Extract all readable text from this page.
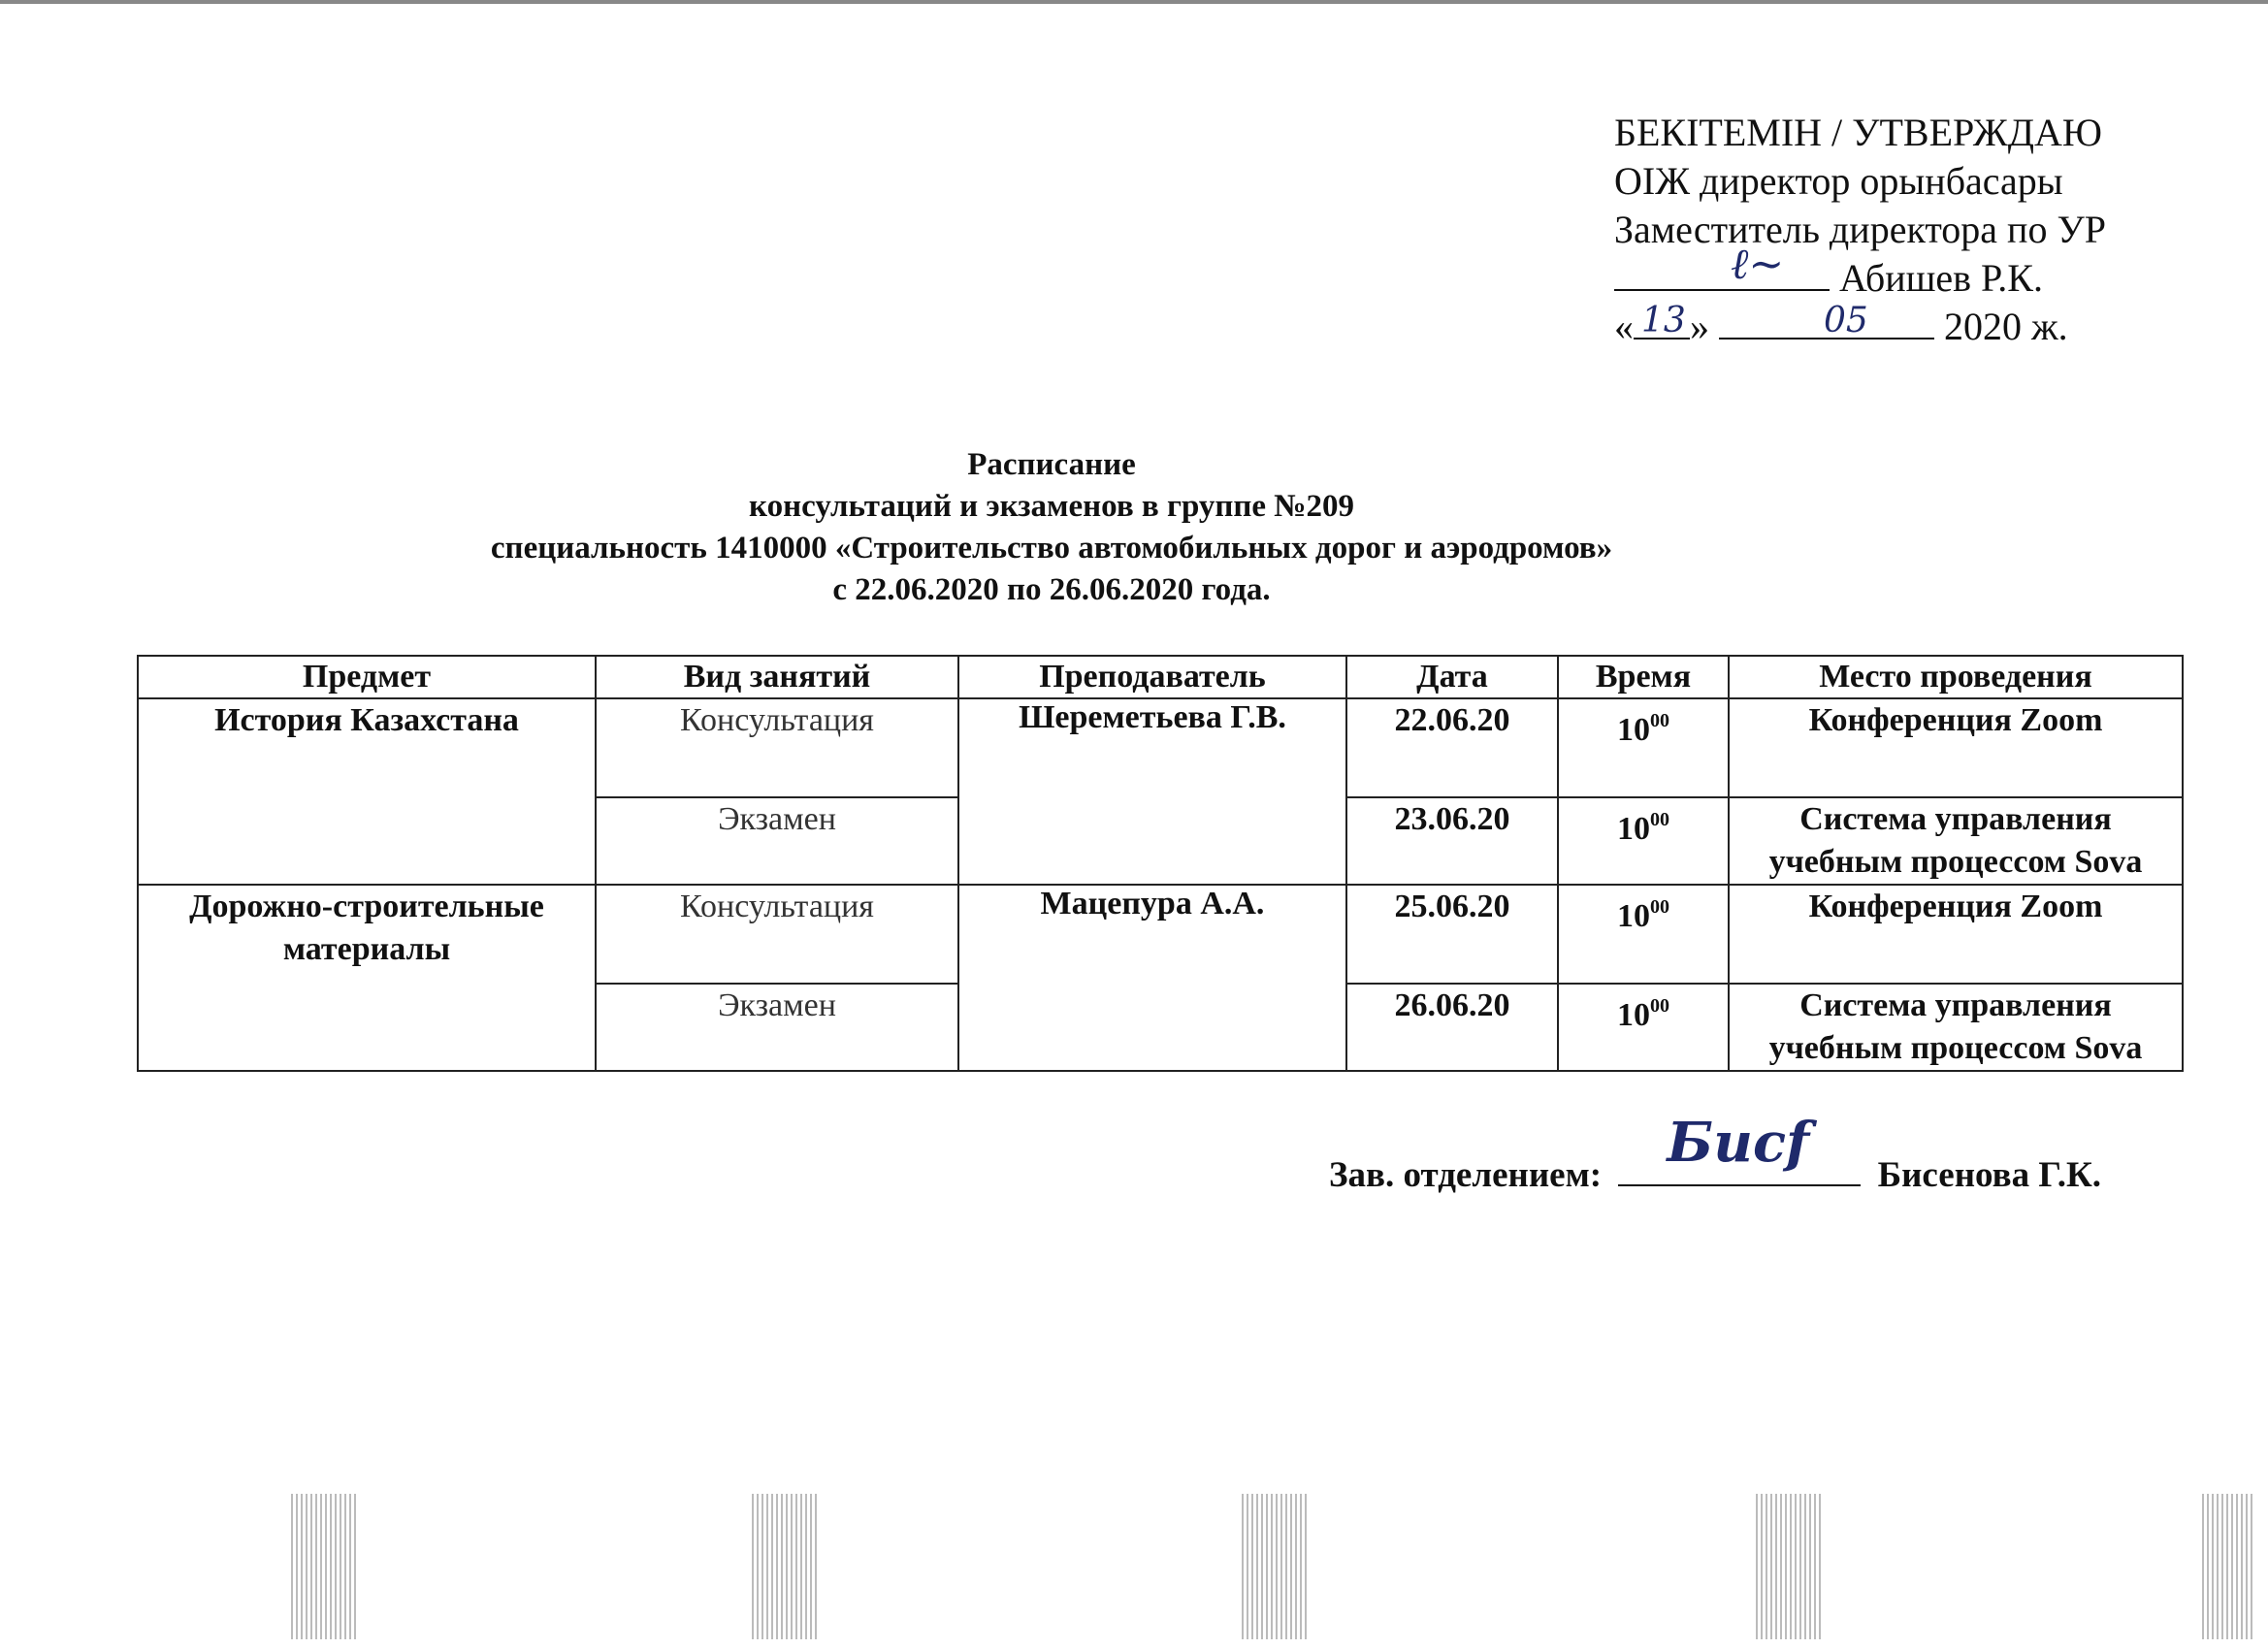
БЕКІТЕМІН / УТВЕРЖДАЮ
ОІЖ директор орынбасары
Заместитель директора по УР
ℓ∼ Абишев Р.К.
« 13 »	05 2020 ж.
Расписание
консультаций и экзаменов в группе №209
специальность 1410000 «Строительство автомобильных дорог и аэродромов»
с 22.06.2020 по 26.06.2020 года.
Предмет	Вид занятий	Преподаватель	Дата	Время	Место проведения
История Казахстана	Консультация	Шереметьева Г.В.	22.06.20	$10^{00}$	Конференция Zoom
	Экзамен		23.06.20	$10^{00}$	Система управления учебным процессом Sova
Дорожно-строительные материалы	Консультация	Мацепура А.А.	25.06.20	$10^{00}$	Конференция Zoom
	Экзамен		26.06.20	$10^{00}$	Система управления учебным процессом Sova
Зав. отделением:
Бuсf
Бисенова Г.К.
